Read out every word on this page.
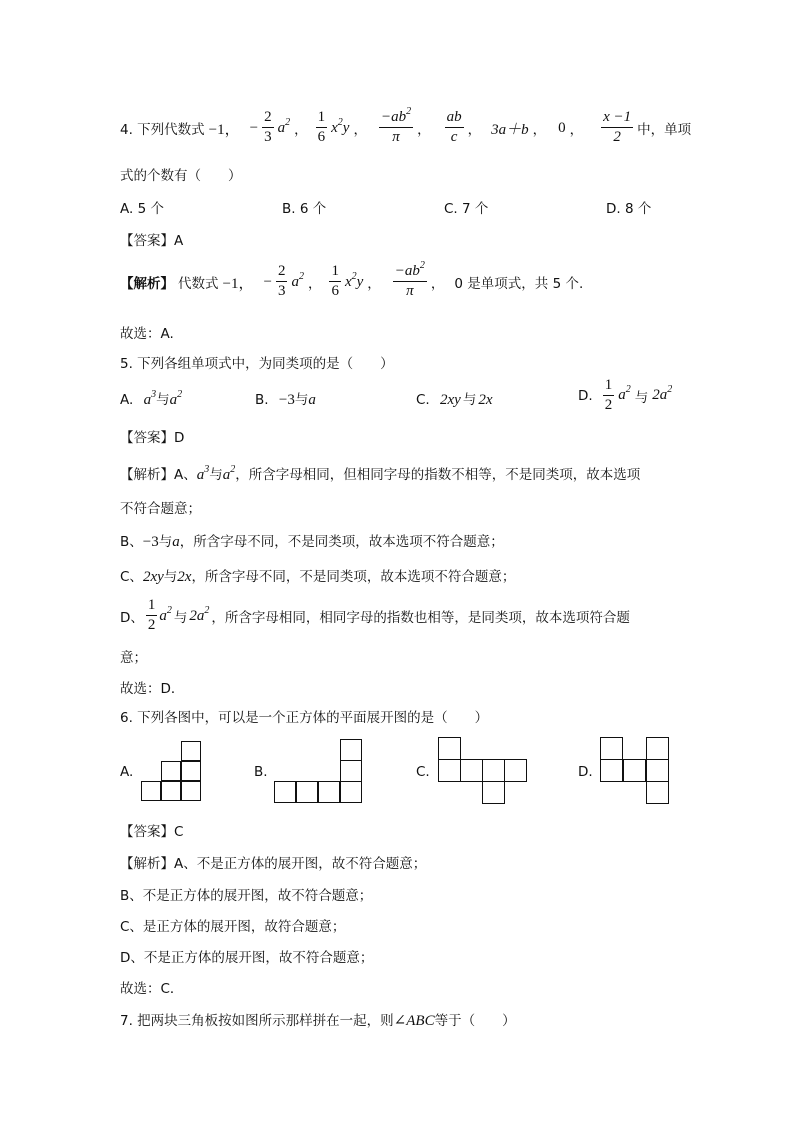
4. 下列代数式 −1， − $\frac{2}{3} a^2$ ， $\frac{1}{6} x^2y$ ， $\frac{-ab^2}{\pi}$ ， $\frac{ab}{c}$ ， 3a＋b ， 0 ， $\frac{x -1}{2}$ 中，单项
式的个数有（　　）
A. 5 个	B. 6 个	C. 7 个	D. 8 个
【答案】A
【解析】 代数式 −1， − $\frac{2}{3} a^2$ ， $\frac{1}{6} x^2y$ ， $\frac{-ab^2}{\pi}$ ， 0 是单项式，共 5 个.
故选：A.
5. 下列各组单项式中，为同类项的是（　　）
A. $a^3$与$a^2$	B. −3与a	C. 2xy 与 2x	D. $\frac{1}{2} a^2$ 与 $2a^2$
【答案】D
【解析】A、$a^3$与$a^2$，所含字母相同，但相同字母的指数不相等，不是同类项，故本选项
不符合题意；
B、−3与a，所含字母不同，不是同类项，故本选项不符合题意；
C、2xy与2x，所含字母不同，不是同类项，故本选项不符合题意；
D、 $\frac{1}{2} a^2$ 与 $2a^2$ ，所含字母相同，相同字母的指数也相等，是同类项，故本选项符合题
意；
故选：D．
6. 下列各图中，可以是一个正方体的平面展开图的是（　　）
A.	B.	C.	D.
【答案】C
【解析】A、不是正方体的展开图，故不符合题意；
B、不是正方体的展开图，故不符合题意；
C、是正方体的展开图，故符合题意；
D、不是正方体的展开图，故不符合题意；
故选：C．
7. 把两块三角板按如图所示那样拼在一起，则∠ABC等于（　　）
